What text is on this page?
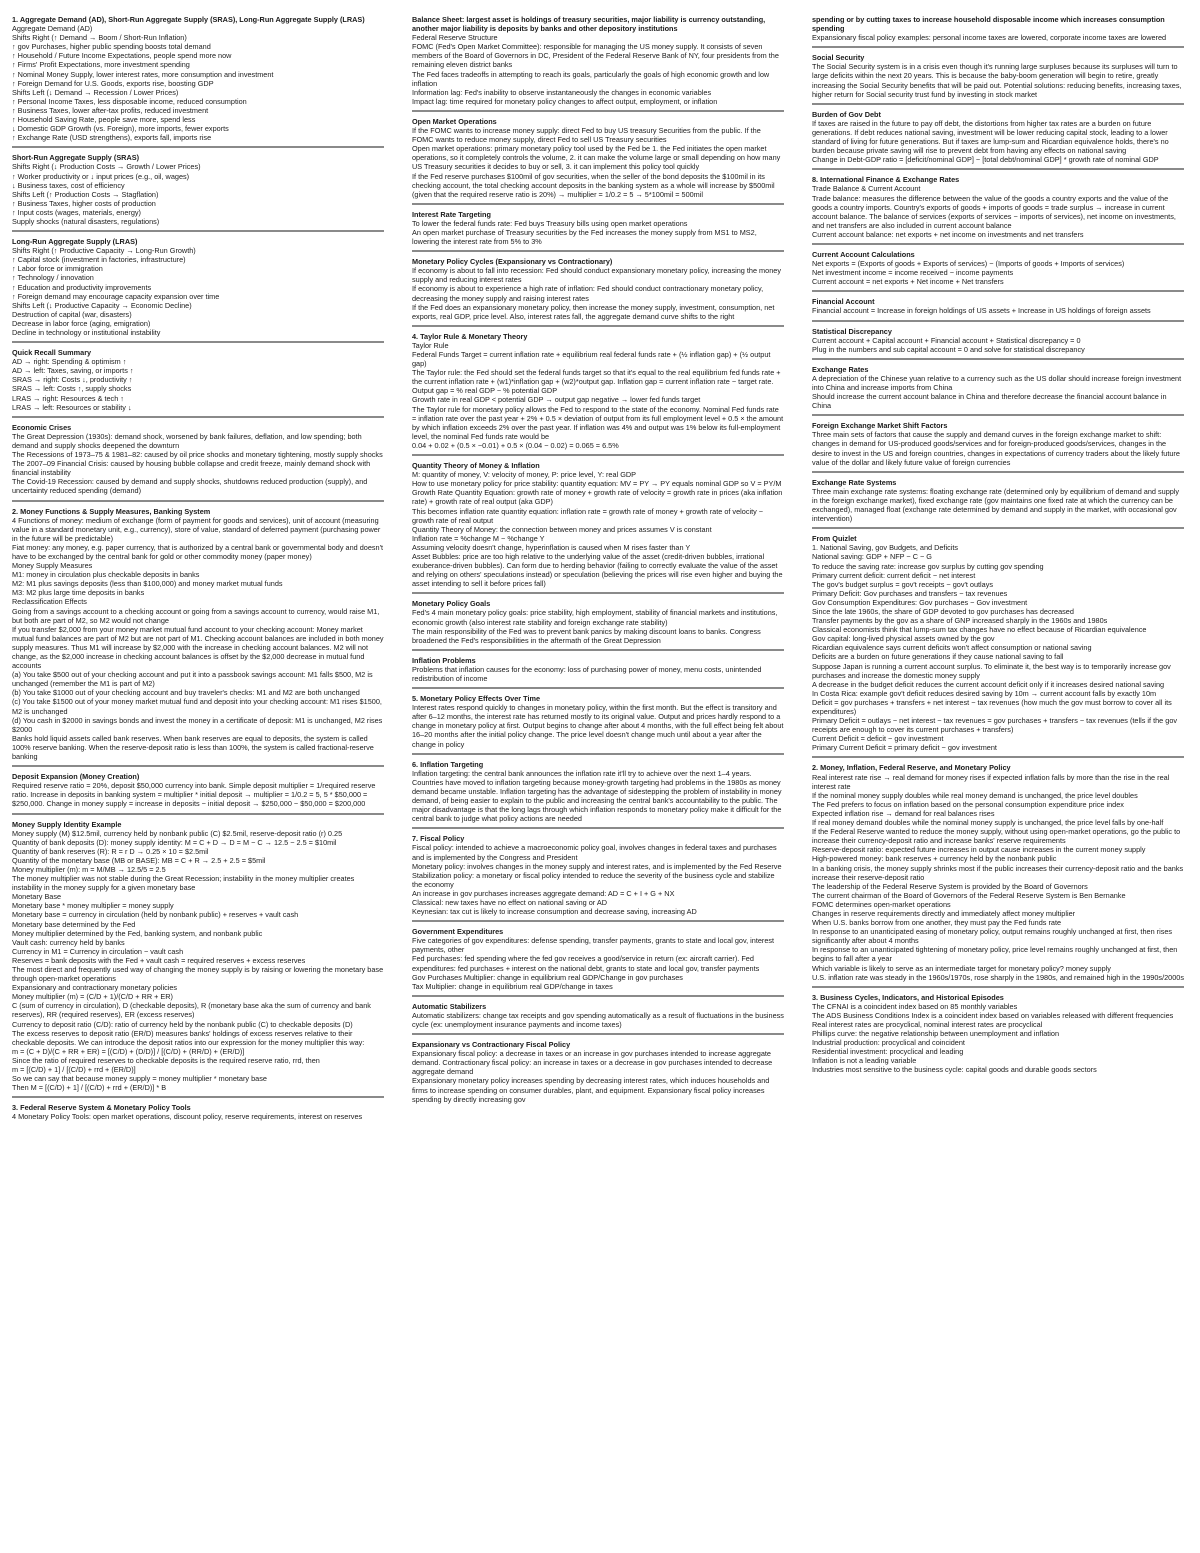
1. Aggregate Demand (AD), Short-Run Aggregate Supply (SRAS), Long-Run Aggregate Supply (LRAS)
Aggregate Demand (AD)
Shifts Right (↑ Demand → Boom / Short-Run Inflation)
↑ gov Purchases, higher public spending boosts total demand
↑ Household / Future Income Expectations, people spend more now
↑ Firms' Profit Expectations, more investment spending
↑ Nominal Money Supply, lower interest rates, more consumption and investment
↑ Foreign Demand for U.S. Goods, exports rise, boosting GDP
Shifts Left (↓ Demand → Recession / Lower Prices)
↑ Personal Income Taxes, less disposable income, reduced consumption
↑ Business Taxes, lower after-tax profits, reduced investment
↑ Household Saving Rate, people save more, spend less
↓ Domestic GDP Growth (vs. Foreign), more imports, fewer exports
↑ Exchange Rate (USD strengthens), exports fall, imports rise
Short-Run Aggregate Supply (SRAS)
Shifts Right (↓ Production Costs → Growth / Lower Prices)
↑ Worker productivity or ↓ input prices (e.g., oil, wages)
↓ Business taxes, cost of efficiency
Shifts Left (↑ Production Costs → Stagflation)
↑ Business Taxes, higher costs of production
↑ Input costs (wages, materials, energy)
Supply shocks (natural disasters, regulations)
Long-Run Aggregate Supply (LRAS)
Shifts Right (↑ Productive Capacity → Long-Run Growth)
↑ Capital stock (investment in factories, infrastructure)
↑ Labor force or immigration
↑ Technology / innovation
↑ Education and productivity improvements
↑ Foreign demand may encourage capacity expansion over time
Shifts Left (↓ Productive Capacity → Economic Decline)
Destruction of capital (war, disasters)
Decrease in labor force (aging, emigration)
Decline in technology or institutional instability
Quick Recall Summary
AD → right: Spending & optimism ↑
AD → left: Taxes, saving, or imports ↑
SRAS → right: Costs ↓, productivity ↑
SRAS → left: Costs ↑, supply shocks
LRAS → right: Resources & tech ↑
LRAS → left: Resources or stability ↓
Economic Crises
The Great Depression (1930s): demand shock, worsened by bank failures, deflation, and low spending; both demand and supply shocks deepened the downturn
The Recessions of 1973–75 & 1981–82: caused by oil price shocks and monetary tightening, mostly supply shocks
The 2007–09 Financial Crisis: caused by housing bubble collapse and credit freeze, mainly demand shock with financial instability
The Covid-19 Recession: caused by demand and supply shocks, shutdowns reduced production (supply), and uncertainty reduced spending (demand)
2. Money Functions & Supply Measures, Banking System
4 Functions of money: medium of exchange (form of payment for goods and services), unit of account (measuring value in a standard monetary unit, e.g., currency), store of value, standard of deferred payment (purchasing power in the future will be predictable)
Fiat money: any money, e.g. paper currency, that is authorized by a central bank or governmental body and doesn't have to be exchanged by the central bank for gold or other commodity money (paper money)
Money Supply Measures
M1: money in circulation plus checkable deposits in banks
M2: M1 plus savings deposits (less than $100,000) and money market mutual funds
M3: M2 plus large time deposits in banks
Reclassification Effects
Going from a savings account to a checking account or going from a savings account to currency, would raise M1, but both are part of M2, so M2 would not change
If you transfer $2,000 from your money market mutual fund account to your checking account: Money market mutual fund balances are part of M2 but are not part of M1. Checking account balances are included in both money supply measures. Thus M1 will increase by $2,000 with the increase in checking account balances. M2 will not change, as the $2,000 increase in checking account balances is offset by the $2,000 decrease in mutual fund accounts
(a) You take $500 out of your checking account and put it into a passbook savings account: M1 falls $500, M2 is unchanged (remember the M1 is part of M2)
(b) You take $1000 out of your checking account and buy traveler's checks: M1 and M2 are both unchanged
(c) You take $1500 out of your money market mutual fund and deposit into your checking account: M1 rises $1500, M2 is unchanged
(d) You cash in $2000 in savings bonds and invest the money in a certificate of deposit: M1 is unchanged, M2 rises $2000
Banks hold liquid assets called bank reserves. When bank reserves are equal to deposits, the system is called 100% reserve banking. When the reserve-deposit ratio is less than 100%, the system is called fractional-reserve banking
Deposit Expansion (Money Creation)
Required reserve ratio = 20%, deposit $50,000 currency into bank. Simple deposit multiplier = 1/required reserve ratio. Increase in deposits in banking system = multiplier * initial deposit → multiplier = 1/0.2 = 5, 5 * $50,000 = $250,000. Change in money supply = increase in deposits − initial deposit → $250,000 − $50,000 = $200,000
Money Supply Identity Example
Money supply (M) $12.5mil, currency held by nonbank public (C) $2.5mil, reserve-deposit ratio (r) 0.25
Quantity of bank deposits (D): money supply identity: M = C + D → D = M − C → 12.5 − 2.5 = $10mil
Quantity of bank reserves (R): R = r D → 0.25 × 10 = $2.5mil
Quantity of the monetary base (MB or BASE): MB = C + R → 2.5 + 2.5 = $5mil
Money multiplier (m): m = M/MB → 12.5/5 = 2.5
The money multiplier was not stable during the Great Recession; instability in the money multiplier creates instability in the money supply for a given monetary base
Monetary Base
Monetary base * money multiplier = money supply
Monetary base = currency in circulation (held by nonbank public) + reserves + vault cash
Monetary base determined by the Fed
Money multiplier determined by the Fed, banking system, and nonbank public
Vault cash: currency held by banks
Currency in M1 = Currency in circulation − vault cash
Reserves = bank deposits with the Fed + vault cash = required reserves + excess reserves
The most direct and frequently used way of changing the money supply is by raising or lowering the monetary base through open-market operations
Expansionary and contractionary monetary policies
Money multiplier (m) = (C/D + 1)/(C/D + RR + ER)
C (sum of currency in circulation), D (checkable deposits), R (monetary base aka the sum of currency and bank reserves), RR (required reserves), ER (excess reserves)
Currency to deposit ratio (C/D): ratio of currency held by the nonbank public (C) to checkable deposits (D)
The excess reserves to deposit ratio (ER/D) measures banks' holdings of excess reserves relative to their checkable deposits. We can introduce the deposit ratios into our expression for the money multiplier this way:
m = (C + D)/(C + RR + ER) = [(C/D) + (D/D)] / [(C/D) + (RR/D) + (ER/D)]
Since the ratio of required reserves to checkable deposits is the required reserve ratio, rrd, then
m = [(C/D) + 1] / [(C/D) + rrd + (ER/D)]
So we can say that because money supply = money multiplier * monetary base
Then M = [(C/D) + 1] / [(C/D) + rrd + (ER/D)] * B
3. Federal Reserve System & Monetary Policy Tools
4 Monetary Policy Tools: open market operations, discount policy, reserve requirements, interest on reserves
Balance Sheet: largest asset is holdings of treasury securities, major liability is currency outstanding, another major liability is deposits by banks and other depository institutions
Federal Reserve Structure
FOMC (Fed's Open Market Committee): responsible for managing the US money supply. It consists of seven members of the Board of Governors in DC, President of the Federal Reserve Bank of NY, four presidents from the remaining eleven district banks
The Fed faces tradeoffs in attempting to reach its goals, particularly the goals of high economic growth and low inflation
Information lag: Fed's inability to observe instantaneously the changes in economic variables
Impact lag: time required for monetary policy changes to affect output, employment, or inflation
Open Market Operations
If the FOMC wants to increase money supply: direct Fed to buy US treasury Securities from the public. If the FOMC wants to reduce money supply, direct Fed to sell US Treasury securities
Open market operations: primary monetary policy tool used by the Fed be 1. the Fed initiates the open market operations, so it completely controls the volume, 2. it can make the volume large or small depending on how many US Treasury securities it decides to buy or sell, 3. it can implement this policy tool quickly
If the Fed reserve purchases $100mil of gov securities, when the seller of the bond deposits the $100mil in its checking account, the total checking account deposits in the banking system as a whole will increase by $500mil (given that the required reserve ratio is 20%) → multiplier = 1/0.2 = 5 → 5*100mil = 500mil
Interest Rate Targeting
To lower the federal funds rate: Fed buys Treasury bills using open market operations
An open market purchase of Treasury securities by the Fed increases the money supply from MS1 to MS2, lowering the interest rate from 5% to 3%
Monetary Policy Cycles (Expansionary vs Contractionary)
If economy is about to fall into recession: Fed should conduct expansionary monetary policy, increasing the money supply and reducing interest rates
If economy is about to experience a high rate of inflation: Fed should conduct contractionary monetary policy, decreasing the money supply and raising interest rates
If the Fed does an expansionary monetary policy, then increase the money supply, investment, consumption, net exports, real GDP, price level. Also, interest rates fall, the aggregate demand curve shifts to the right
4. Taylor Rule & Monetary Theory
Taylor Rule
Federal Funds Target = current inflation rate + equilibrium real federal funds rate + (½ inflation gap) + (½ output gap)
The Taylor rule: the Fed should set the federal funds target so that it's equal to the real equilibrium fed funds rate + the current inflation rate + (w1)*inflation gap + (w2)*output gap. Inflation gap = current inflation rate − target rate. Output gap = % real GDP − % potential GDP
Growth rate in real GDP < potential GDP → output gap negative → lower fed funds target
The Taylor rule for monetary policy allows the Fed to respond to the state of the economy. Nominal Fed funds rate = inflation rate over the past year + 2% + 0.5 × deviation of output from its full employment level + 0.5 × the amount by which inflation exceeds 2% over the past year. If inflation was 4% and output was 1% below its full-employment level, the nominal Fed funds rate would be
0.04 + 0.02 + (0.5 × −0.01) + 0.5 × (0.04 − 0.02) = 0.065 = 6.5%
Quantity Theory of Money & Inflation
M: quantity of money, V: velocity of money, P: price level, Y: real GDP
How to use monetary policy for price stability: quantity equation: MV = PY → PY equals nominal GDP so V = PY/M
Growth Rate Quantity Equation: growth rate of money + growth rate of velocity = growth rate in prices (aka inflation rate) + growth rate of real output (aka GDP)
This becomes inflation rate quantity equation: inflation rate = growth rate of money + growth rate of velocity − growth rate of real output
Quantity Theory of Money: the connection between money and prices assumes V is constant
Inflation rate = %change M − %change Y
Assuming velocity doesn't change, hyperinflation is caused when M rises faster than Y
Asset Bubbles: price are too high relative to the underlying value of the asset (credit-driven bubbles, irrational exuberance-driven bubbles). Can form due to herding behavior (failing to correctly evaluate the value of the asset and relying on others' speculations instead) or speculation (believing the prices will rise even higher and buying the asset intending to sell it before prices fall)
Monetary Policy Goals
Fed's 4 main monetary policy goals: price stability, high employment, stability of financial markets and institutions, economic growth (also interest rate stability and foreign exchange rate stability)
The main responsibility of the Fed was to prevent bank panics by making discount loans to banks. Congress broadened the Fed's responsibilities in the aftermath of the Great Depression
Inflation Problems
Problems that inflation causes for the economy: loss of purchasing power of money, menu costs, unintended redistribution of income
5. Monetary Policy Effects Over Time
Interest rates respond quickly to changes in monetary policy, within the first month. But the effect is transitory and after 6–12 months, the interest rate has returned mostly to its original value. Output and prices hardly respond to a change in monetary policy at first. Output begins to change after about 4 months, with the full effect being felt about 16–20 months after the initial policy change. The price level doesn't change much until about a year after the change in policy
6. Inflation Targeting
Inflation targeting: the central bank announces the inflation rate it'll try to achieve over the next 1–4 years. Countries have moved to inflation targeting because money-growth targeting had problems in the 1980s as money demand became unstable. Inflation targeting has the advantage of sidestepping the problem of instability in money demand, of being easier to explain to the public and increasing the central bank's accountability to the public. The major disadvantage is that the long lags through which inflation responds to monetary policy make it difficult for the central bank to judge what policy actions are needed
7. Fiscal Policy
Fiscal policy: intended to achieve a macroeconomic policy goal, involves changes in federal taxes and purchases and is implemented by the Congress and President
Monetary policy: involves changes in the money supply and interest rates, and is implemented by the Fed Reserve
Stabilization policy: a monetary or fiscal policy intended to reduce the severity of the business cycle and stabilize the economy
An increase in gov purchases increases aggregate demand: AD = C + I + G + NX
Classical: new taxes have no effect on national saving or AD
Keynesian: tax cut is likely to increase consumption and decrease saving, increasing AD
Government Expenditures
Five categories of gov expenditures: defense spending, transfer payments, grants to state and local gov, interest payments, other
Fed purchases: fed spending where the fed gov receives a good/service in return (ex: aircraft carrier). Fed expenditures: fed purchases + interest on the national debt, grants to state and local gov, transfer payments
Gov Purchases Multiplier: change in equilibrium real GDP/Change in gov purchases
Tax Multiplier: change in equilibrium real GDP/change in taxes
Automatic Stabilizers
Automatic stabilizers: change tax receipts and gov spending automatically as a result of fluctuations in the business cycle (ex: unemployment insurance payments and income taxes)
Expansionary vs Contractionary Fiscal Policy
Expansionary fiscal policy: a decrease in taxes or an increase in gov purchases intended to increase aggregate demand. Contractionary fiscal policy: an increase in taxes or a decrease in gov purchases intended to decrease aggregate demand
Expansionary monetary policy increases spending by decreasing interest rates, which induces households and firms to increase spending on consumer durables, plant, and equipment. Expansionary fiscal policy increases spending by directly increasing gov
spending or by cutting taxes to increase household disposable income which increases consumption spending
Expansionary fiscal policy examples: personal income taxes are lowered, corporate income taxes are lowered
Social Security
The Social Security system is in a crisis even though it's running large surpluses because its surpluses will turn to large deficits within the next 20 years. This is because the baby-boom generation will begin to retire, greatly increasing the Social Security benefits that will be paid out. Potential solutions: reducing benefits, increasing taxes, higher return for Social security trust fund by investing in stock market
Burden of Gov Debt
If taxes are raised in the future to pay off debt, the distortions from higher tax rates are a burden on future generations. If debt reduces national saving, investment will be lower reducing capital stock, leading to a lower standard of living for future generations. But if taxes are lump-sum and Ricardian equivalence holds, there's no burden because private saving will rise to prevent debt from having any effects on national saving
Change in Debt-GDP ratio = [deficit/nominal GDP] − [total debt/nominal GDP] * growth rate of nominal GDP
8. International Finance & Exchange Rates
Trade Balance & Current Account
Trade balance: measures the difference between the value of the goods a country exports and the value of the goods a country imports. Country's exports of goods + imports of goods = trade surplus → increase in current account balance. The balance of services (exports of services − imports of services), net income on investments, and net transfers are also included in current account balance
Current account balance: net exports + net income on investments and net transfers
Current Account Calculations
Net exports = (Exports of goods + Exports of services) − (Imports of goods + Imports of services)
Net investment income = income received − income payments
Current account = net exports + Net income + Net transfers
Financial Account
Financial account = Increase in foreign holdings of US assets + Increase in US holdings of foreign assets
Statistical Discrepancy
Current account + Capital account + Financial account + Statistical discrepancy = 0
Plug in the numbers and sub capital account = 0 and solve for statistical discrepancy
Exchange Rates
A depreciation of the Chinese yuan relative to a currency such as the US dollar should increase foreign investment into China and increase imports from China
Should increase the current account balance in China and therefore decrease the financial account balance in China
Foreign Exchange Market Shift Factors
Three main sets of factors that cause the supply and demand curves in the foreign exchange market to shift: changes in demand for US-produced goods/services and for foreign-produced goods/services, changes in the desire to invest in the US and foreign countries, changes in expectations of currency traders about the likely future value of the dollar and likely future value of foreign currencies
Exchange Rate Systems
Three main exchange rate systems: floating exchange rate (determined only by equilibrium of demand and supply in the foreign exchange market), fixed exchange rate (gov maintains one fixed rate at which the currency can be exchanged), managed float (exchange rate determined by demand and supply in the market, with occasional gov intervention)
From Quizlet
1. National Saving, gov Budgets, and Deficits
National saving: GDP + NFP − C − G
To reduce the saving rate: increase gov surplus by cutting gov spending
Primary current deficit: current deficit − net interest
The gov's budget surplus = gov't receipts − gov't outlays
Primary Deficit: Gov purchases and transfers − tax revenues
Gov Consumption Expenditures: Gov purchases − Gov investment
Since the late 1960s, the share of GDP devoted to gov purchases has decreased
Transfer payments by the gov as a share of GNP increased sharply in the 1960s and 1980s
Classical economists think that lump-sum tax changes have no effect because of Ricardian equivalence
Gov capital: long-lived physical assets owned by the gov
Ricardian equivalence says current deficits won't affect consumption or national saving
Deficits are a burden on future generations if they cause national saving to fall
Suppose Japan is running a current account surplus. To eliminate it, the best way is to temporarily increase gov purchases and increase the domestic money supply
A decrease in the budget deficit reduces the current account deficit only if it increases desired national saving
In Costa Rica: example gov't deficit reduces desired saving by 10m → current account falls by exactly 10m
Deficit = gov purchases + transfers + net interest − tax revenues (how much the gov must borrow to cover all its expenditures)
Primary Deficit = outlays − net interest − tax revenues = gov purchases + transfers − tax revenues (tells if the gov receipts are enough to cover its current purchases + transfers)
Current Deficit = deficit − gov investment
Primary Current Deficit = primary deficit − gov investment
2. Money, Inflation, Federal Reserve, and Monetary Policy
Real interest rate rise → real demand for money rises if expected inflation falls by more than the rise in the real interest rate
If the nominal money supply doubles while real money demand is unchanged, the price level doubles
The Fed prefers to focus on inflation based on the personal consumption expenditure price index
Expected inflation rise → demand for real balances rises
If real money demand doubles while the nominal money supply is unchanged, the price level falls by one-half
If the Federal Reserve wanted to reduce the money supply, without using open-market operations, go the public to increase their currency-deposit ratio and increase banks' reserve requirements
Reserve-deposit ratio: expected future increases in output cause increases in the current money supply
High-powered money: bank reserves + currency held by the nonbank public
In a banking crisis, the money supply shrinks most if the public increases their currency-deposit ratio and the banks increase their reserve-deposit ratio
The leadership of the Federal Reserve System is provided by the Board of Governors
The current chairman of the Board of Governors of the Federal Reserve System is Ben Bernanke
FOMC determines open-market operations
Changes in reserve requirements directly and immediately affect money multiplier
When U.S. banks borrow from one another, they must pay the Fed funds rate
In response to an unanticipated easing of monetary policy, output remains roughly unchanged at first, then rises significantly after about 4 months
In response to an unanticipated tightening of monetary policy, price level remains roughly unchanged at first, then begins to fall after a year
Which variable is likely to serve as an intermediate target for monetary policy? money supply
U.S. inflation rate was steady in the 1960s/1970s, rose sharply in the 1980s, and remained high in the 1990s/2000s
3. Business Cycles, Indicators, and Historical Episodes
The CFNAI is a coincident index based on 85 monthly variables
The ADS Business Conditions Index is a coincident index based on variables released with different frequencies
Real interest rates are procyclical, nominal interest rates are procyclical
Phillips curve: the negative relationship between unemployment and inflation
Industrial production: procyclical and coincident
Residential investment: procyclical and leading
Inflation is not a leading variable
Industries most sensitive to the business cycle: capital goods and durable goods sectors
